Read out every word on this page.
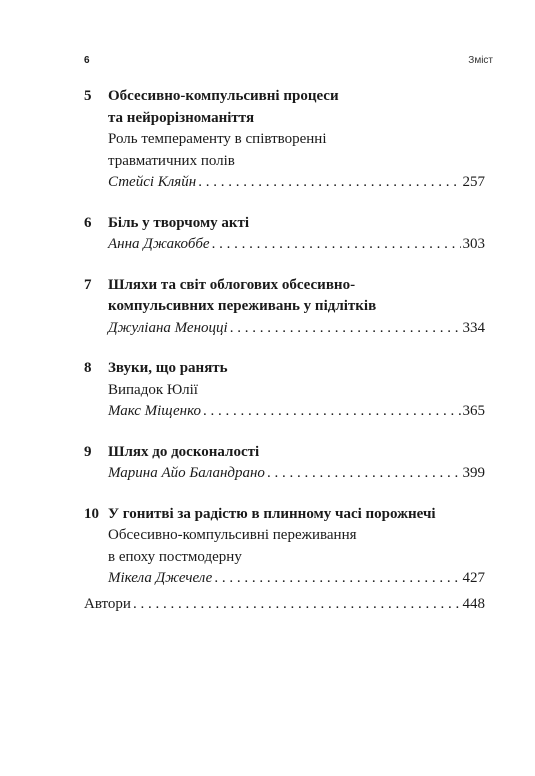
6	Зміст
5 Обсесивно-компульсивні процеси
та нейрорізноманіття
Роль темпераменту в співтворенні
травматичних полів
Стейсі Кляйн . . .	257
6 Біль у творчому акті
Анна Джакоббе . . .	303
7 Шляхи та світ облогових обсесивно-
компульсивних переживань у підлітків
Джуліана Меноцці . . .	334
8 Звуки, що ранять
Випадок Юлії
Макс Міщенко . . .	365
9 Шлях до досконалості
Марина Айо Баландрано . . .	399
10 У гонитві за радістю в плинному часі порожнечі
Обсесивно-компульсивні переживання
в епоху постмодерну
Мікела Джечеле . . .	427
Автори . . .	448
